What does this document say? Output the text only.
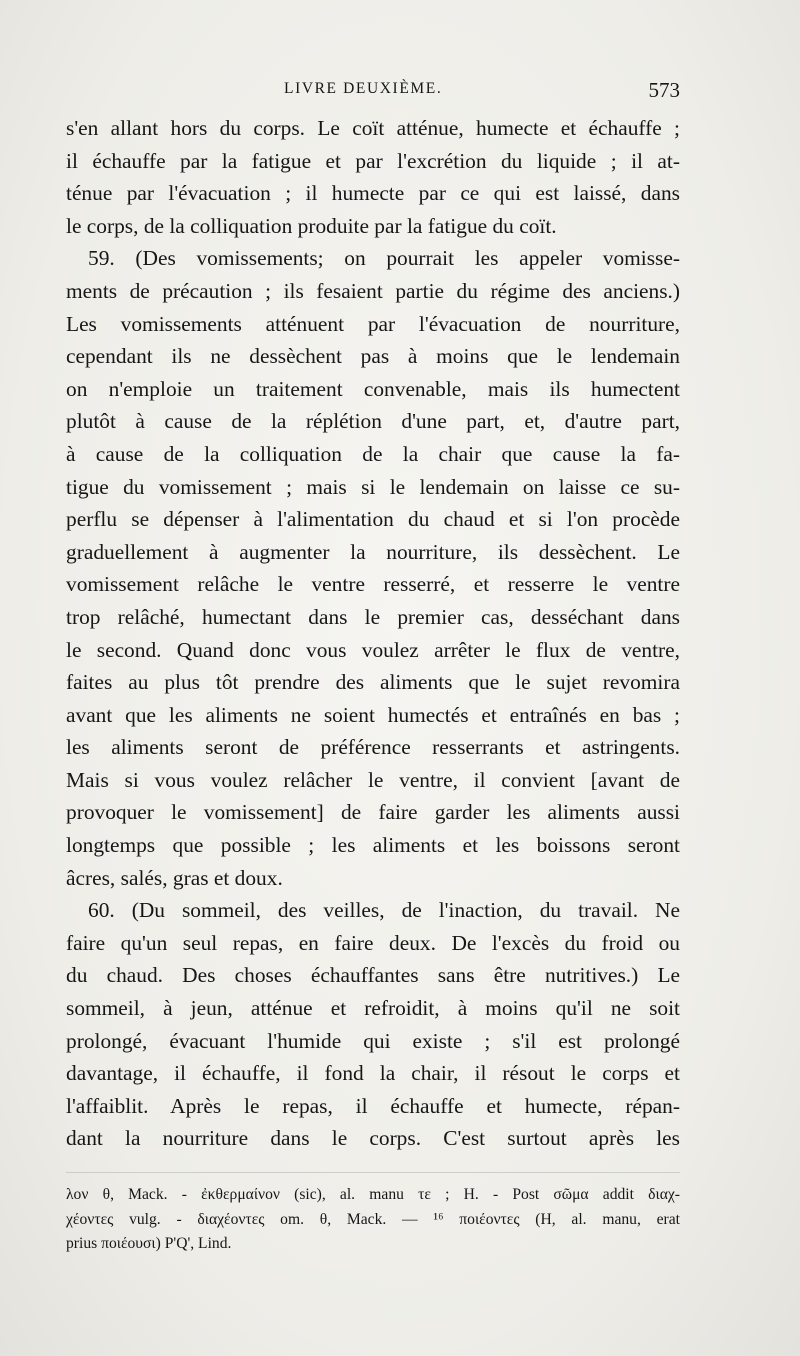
LIVRE DEUXIÈME.	573
s'en allant hors du corps. Le coït atténue, humecte et échauffe ;
il échauffe par la fatigue et par l'excrétion du liquide ; il at-
ténue par l'évacuation ; il humecte par ce qui est laissé, dans
le corps, de la colliquation produite par la fatigue du coït.
59. (Des vomissements; on pourrait les appeler vomisse-
ments de précaution ; ils fesaient partie du régime des anciens.)
Les vomissements atténuent par l'évacuation de nourriture,
cependant ils ne dessèchent pas à moins que le lendemain
on n'emploie un traitement convenable, mais ils humectent
plutôt à cause de la réplétion d'une part, et, d'autre part,
à cause de la colliquation de la chair que cause la fa-
tigue du vomissement ; mais si le lendemain on laisse ce su-
perflu se dépenser à l'alimentation du chaud et si l'on procède
graduellement à augmenter la nourriture, ils dessèchent. Le
vomissement relâche le ventre resserré, et resserre le ventre
trop relâché, humectant dans le premier cas, desséchant dans
le second. Quand donc vous voulez arrêter le flux de ventre,
faites au plus tôt prendre des aliments que le sujet revomira
avant que les aliments ne soient humectés et entraînés en bas ;
les aliments seront de préférence resserrants et astringents.
Mais si vous voulez relâcher le ventre, il convient [avant de
provoquer le vomissement] de faire garder les aliments aussi
longtemps que possible ; les aliments et les boissons seront
âcres, salés, gras et doux.
60. (Du sommeil, des veilles, de l'inaction, du travail. Ne
faire qu'un seul repas, en faire deux. De l'excès du froid ou
du chaud. Des choses échauffantes sans être nutritives.) Le
sommeil, à jeun, atténue et refroidit, à moins qu'il ne soit
prolongé, évacuant l'humide qui existe ; s'il est prolongé
davantage, il échauffe, il fond la chair, il résout le corps et
l'affaiblit. Après le repas, il échauffe et humecte, répan-
dant la nourriture dans le corps. C'est surtout après les
λον θ, Mack. - ἐκθερμαίνον (sic), al. manu τε ; H. - Post σῶμα addit διαχ-
χέοντες vulg. - διαχέοντες om. θ, Mack. — ¹⁶ ποιέοντες (H, al. manu, erat
prius ποιέουσι) P'Q', Lind.
